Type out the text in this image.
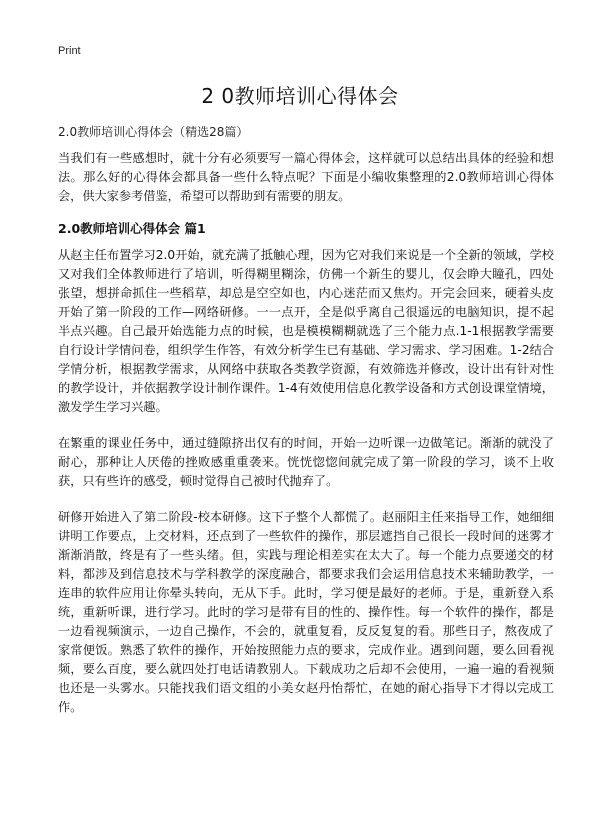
Print
2 0教师培训心得体会
2.0教师培训心得体会（精选28篇）

当我们有一些感想时，就十分有必须要写一篇心得体会，这样就可以总结出具体的经验和想法。那么好的心得体会都具备一些什么特点呢？下面是小编收集整理的2.0教师培训心得体会，供大家参考借鉴，希望可以帮助到有需要的朋友。

2.0教师培训心得体会 篇1

从赵主任布置学习2.0开始，就充满了抵触心理，因为它对我们来说是一个全新的领域，学校又对我们全体教师进行了培训，听得糊里糊涂，仿佛一个新生的婴儿，仅会睁大瞳孔，四处张望，想拼命抓住一些稻草，却总是空空如也，内心迷茫而又焦灼。开完会回来，硬着头皮开始了第一阶段的工作—网络研修。一一点开，全是似乎离自己很遥远的电脑知识，提不起半点兴趣。自己最开始选能力点的时候，也是模模糊糊就选了三个能力点.1-1根据教学需要自行设计学情问卷，组织学生作答，有效分析学生已有基础、学习需求、学习困难。1-2结合学情分析，根据教学需求，从网络中获取各类教学资源，有效筛选并修改，设计出有针对性的教学设计，并依据教学设计制作课件。1-4有效使用信息化教学设备和方式创设课堂情境，激发学生学习兴趣。

在繁重的课业任务中，通过缝隙挤出仅有的时间，开始一边听课一边做笔记。渐渐的就没了耐心，那种让人厌倦的挫败感重重袭来。恍恍惚惚间就完成了第一阶段的学习，谈不上收获，只有些许的感受，顿时觉得自己被时代抛弃了。

研修开始进入了第二阶段-校本研修。这下子整个人都慌了。赵丽阳主任来指导工作，她细细讲明工作要点，上交材料，还点到了一些软件的操作，那层遮挡自己很长一段时间的迷雾才渐渐消散，终是有了一些头绪。但，实践与理论相差实在太大了。每一个能力点要递交的材料，都涉及到信息技术与学科教学的深度融合，都要求我们会运用信息技术来辅助教学，一连串的软件应用让你晕头转向，无从下手。此时，学习便是最好的老师。于是，重新登入系统，重新听课，进行学习。此时的学习是带有目的性的、操作性。每一个软件的操作，都是一边看视频演示，一边自己操作，不会的，就重复看，反反复复的看。那些日子，熬夜成了家常便饭。熟悉了软件的操作，开始按照能力点的要求，完成作业。遇到问题，要么回看视频，要么百度，要么就四处打电话请教别人。下载成功之后却不会使用，一遍一遍的看视频也还是一头雾水。只能找我们语文组的小美女赵丹怡帮忙，在她的耐心指导下才得以完成工作。
